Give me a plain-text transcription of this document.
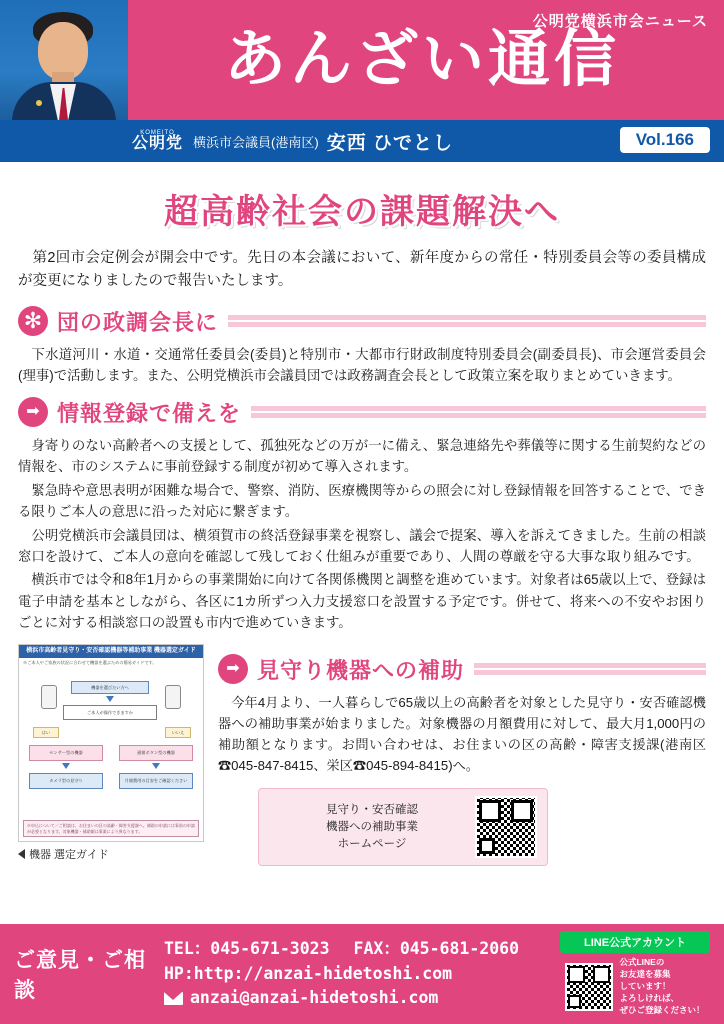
公明党横浜市会ニュース
あんざい通信
KOMEITO
公明党 横浜市会議員(港南区) 安西 ひでとし	Vol.166
超高齢社会の課題解決へ

第2回市会定例会が開会中です。先日の本会議において、新年度からの常任・特別委員会等の委員構成が変更になりましたので報告いたします。

✻
団の政調会長に

下水道河川・水道・交通常任委員会(委員)と特別市・大都市行財政制度特別委員会(副委員長)、市会運営委員会(理事)で活動します。また、公明党横浜市会議員団では政務調査会長として政策立案を取りまとめていきます。

➡
情報登録で備えを

身寄りのない高齢者への支援として、孤独死などの万が一に備え、緊急連絡先や葬儀等に関する生前契約などの情報を、市のシステムに事前登録する制度が初めて導入されます。

緊急時や意思表明が困難な場合で、警察、消防、医療機関等からの照会に対し登録情報を回答することで、できる限りご本人の意思に沿った対応に繋ぎます。

公明党横浜市会議員団は、横須賀市の終活登録事業を視察し、議会で提案、導入を訴えてきました。生前の相談窓口を設けて、ご本人の意向を確認して残しておく仕組みが重要であり、人間の尊厳を守る大事な取り組みです。

横浜市では令和8年1月からの事業開始に向けて各関係機関と調整を進めています。対象者は65歳以上で、登録は電子申請を基本としながら、各区に1カ所ずつ入力支援窓口を設置する予定です。併せて、将来への不安やお困りごとに対する相談窓口の設置も市内で進めていきます。

横浜市高齢者見守り・安否確認機器等補助事業 機器選定ガイド
※ご本人やご家族の状況に合わせて機器を選ぶための簡易ガイドです。
機器を選びたい方へ
ご本人が操作できますか
はい	いいえ
センサー型の機器	通報ボタン型の機器
カメラ型の見守り	月額費用の目安をご確認ください
※申込について／ご相談は、お住まいの区の高齢・障害支援課へ。補助の申請には事前の申請が必要となります。対象機器・補助額は事業により異なります。
機器 選定ガイド
➡
見守り機器への補助

今年4月より、一人暮らしで65歳以上の高齢者を対象とした見守り・安否確認機器への補助事業が始まりました。対象機器の月額費用に対して、最大月1,000円の補助額となります。お問い合わせは、お住まいの区の高齢・障害支援課(港南区☎045-847-8415、栄区☎045-894-8415)へ。

見守り・安否確認
機器への補助事業
ホームページ
ご意見・ご相談
TEL：045-671-3023 FAX：045-681-2060
HP:http://anzai-hidetoshi.com
anzai@anzai-hidetoshi.com
LINE公式アカウント
公式LINEの
お友達を募集
しています！
よろしければ、
ぜひご登録ください！
